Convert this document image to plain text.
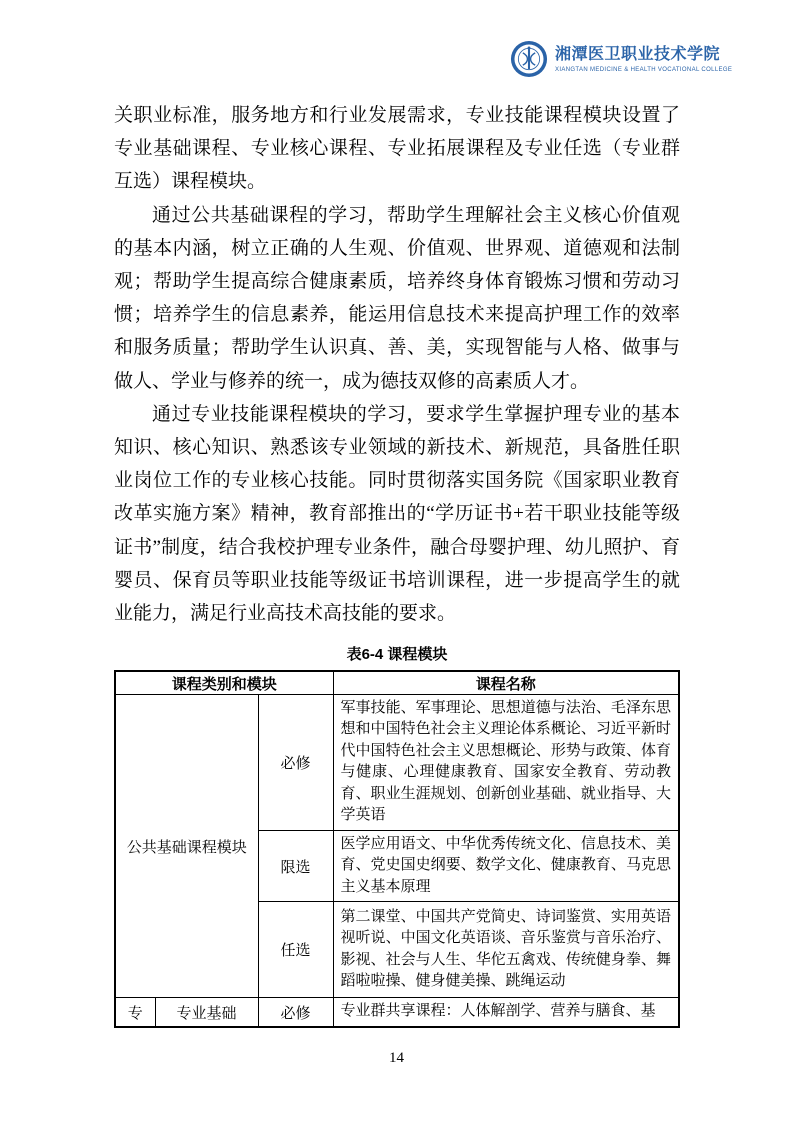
湘潭医卫职业技术学院
XIANGTAN MEDICINE & HEALTH VOCATIONAL COLLEGE

关职业标准，服务地方和行业发展需求，专业技能课程模块设置了专业基础课程、专业核心课程、专业拓展课程及专业任选（专业群互选）课程模块。

通过公共基础课程的学习，帮助学生理解社会主义核心价值观的基本内涵，树立正确的人生观、价值观、世界观、道德观和法制观；帮助学生提高综合健康素质，培养终身体育锻炼习惯和劳动习惯；培养学生的信息素养，能运用信息技术来提高护理工作的效率和服务质量；帮助学生认识真、善、美，实现智能与人格、做事与做人、学业与修养的统一，成为德技双修的高素质人才。

通过专业技能课程模块的学习，要求学生掌握护理专业的基本知识、核心知识、熟悉该专业领域的新技术、新规范，具备胜任职业岗位工作的专业核心技能。同时贯彻落实国务院《国家职业教育改革实施方案》精神，教育部推出的“学历证书+若干职业技能等级证书”制度，结合我校护理专业条件，融合母婴护理、幼儿照护、育婴员、保育员等职业技能等级证书培训课程，进一步提高学生的就业能力，满足行业高技术高技能的要求。

表6-4 课程模块
课程类别和模块			课程名称
公共基础课程模块		必修	军事技能、军事理论、思想道德与法治、毛泽东思想和中国特色社会主义理论体系概论、习近平新时代中国特色社会主义思想概论、形势与政策、体育与健康、心理健康教育、国家安全教育、劳动教育、职业生涯规划、创新创业基础、就业指导、大学英语
		限选	医学应用语文、中华优秀传统文化、信息技术、美育、党史国史纲要、数学文化、健康教育、马克思主义基本原理
		任选	第二课堂、中国共产党简史、诗词鉴赏、实用英语视听说、中国文化英语谈、音乐鉴赏与音乐治疗、影视、社会与人生、华佗五禽戏、传统健身拳、舞蹈啦啦操、健身健美操、跳绳运动
专	专业基础	必修	专业群共享课程：人体解剖学、营养与膳食、基
14
